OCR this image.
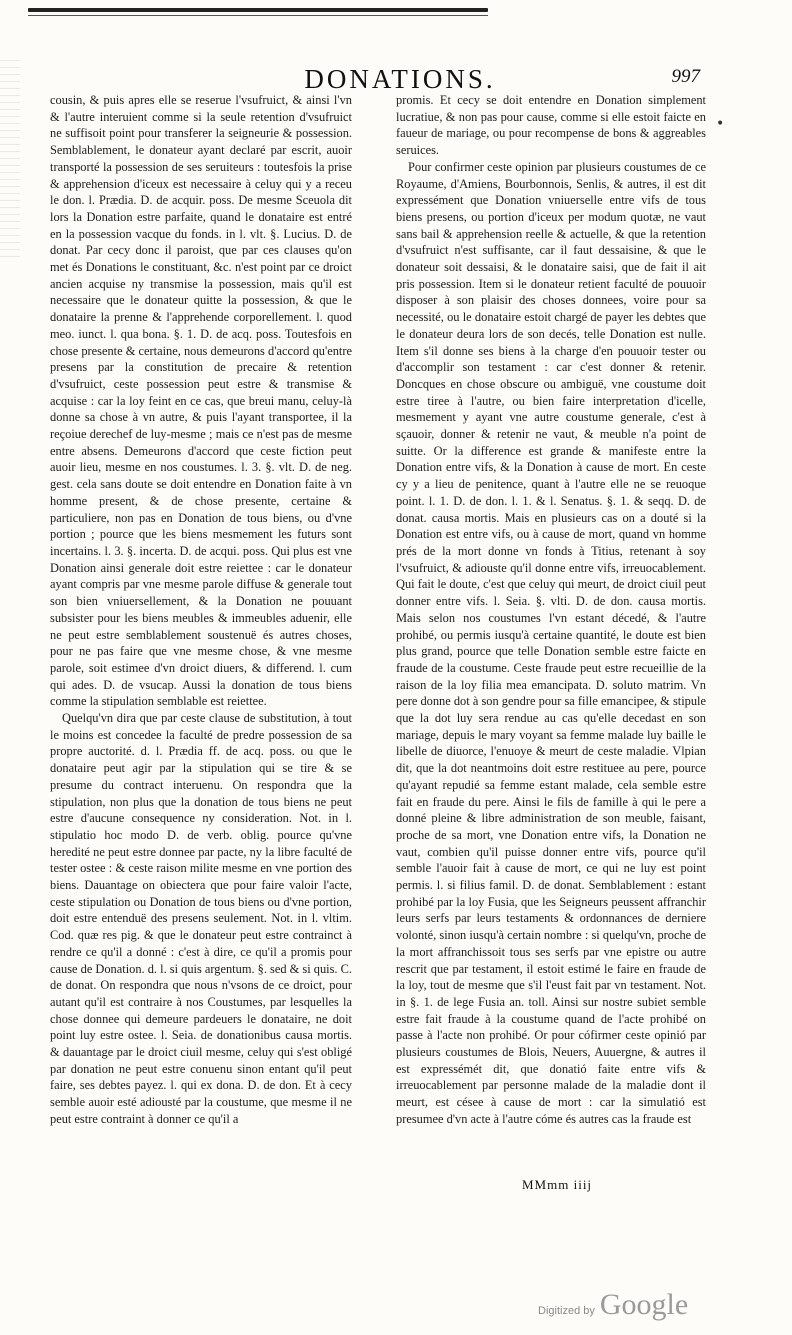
DONATIONS.	997

cousin, & puis apres elle se reserue l'vsufruict, & ainsi l'vn & l'autre interuient comme si la seule retention d'vsufruict ne suffisoit point pour transferer la seigneurie & possession. Semblablement, le donateur ayant declaré par escrit, auoir transporté la possession de ses seruiteurs : toutesfois la prise & apprehension d'iceux est necessaire à celuy qui y a receu le don. l. Prædia. D. de acquir. poss. De mesme Sceuola dit lors la Donation estre parfaite, quand le donataire est entré en la possession vacque du fonds. in l. vlt. §. Lucius. D. de donat. Par cecy donc il paroist, que par ces clauses qu'on met és Donations le constituant, &c. n'est point par ce droict ancien acquise ny transmise la possession, mais qu'il est necessaire que le donateur quitte la possession, & que le donataire la prenne & l'apprehende corporellement. l. quod meo. iunct. l. qua bona. §. 1. D. de acq. poss. Toutesfois en chose presente & certaine, nous demeurons d'accord qu'entre presens par la constitution de precaire & retention d'vsufruict, ceste possession peut estre & transmise & acquise : car la loy feint en ce cas, que breui manu, celuy-là donne sa chose à vn autre, & puis l'ayant transportee, il la reçoiue derechef de luy-mesme ; mais ce n'est pas de mesme entre absens. Demeurons d'accord que ceste fiction peut auoir lieu, mesme en nos coustumes. l. 3. §. vlt. D. de neg. gest. cela sans doute se doit entendre en Donation faite à vn homme present, & de chose presente, certaine & particuliere, non pas en Donation de tous biens, ou d'vne portion ; pource que les biens mesmement les futurs sont incertains. l. 3. §. incerta. D. de acqui. poss. Qui plus est vne Donation ainsi generale doit estre reiettee : car le donateur ayant compris par vne mesme parole diffuse & generale tout son bien vniuersellement, & la Donation ne pouuant subsister pour les biens meubles & immeubles aduenir, elle ne peut estre semblablement soustenuë és autres choses, pour ne pas faire que vne mesme chose, & vne mesme parole, soit estimee d'vn droict diuers, & differend. l. cum qui ades. D. de vsucap. Aussi la donation de tous biens comme la stipulation semblable est reiettee.

Quelqu'vn dira que par ceste clause de substitution, à tout le moins est concedee la faculté de predre possession de sa propre auctorité. d. l. Prædia ff. de acq. poss. ou que le donataire peut agir par la stipulation qui se tire & se presume du contract interuenu. On respondra que la stipulation, non plus que la donation de tous biens ne peut estre d'aucune consequence ny consideration. Not. in l. stipulatio hoc modo D. de verb. oblig. pource qu'vne heredité ne peut estre donnee par pacte, ny la libre faculté de tester ostee : & ceste raison milite mesme en vne portion des biens. Dauantage on obiectera que pour faire valoir l'acte, ceste stipulation ou Donation de tous biens ou d'vne portion, doit estre entenduë des presens seulement. Not. in l. vltim. Cod. quæ res pig. & que le donateur peut estre contrainct à rendre ce qu'il a donné : c'est à dire, ce qu'il a promis pour cause de Donation. d. l. si quis argentum. §. sed & si quis. C. de donat. On respondra que nous n'vsons de ce droict, pour autant qu'il est contraire à nos Coustumes, par lesquelles la chose donnee qui demeure pardeuers le donataire, ne doit point luy estre ostee. l. Seia. de donationibus causa mortis. & dauantage par le droict ciuil mesme, celuy qui s'est obligé par donation ne peut estre conuenu sinon entant qu'il peut faire, ses debtes payez. l. qui ex dona. D. de don. Et à cecy semble auoir esté adiousté par la coustume, que mesme il ne peut estre contraint à donner ce qu'il a

promis. Et cecy se doit entendre en Donation simplement lucratiue, & non pas pour cause, comme si elle estoit faicte en faueur de mariage, ou pour recompense de bons & aggreables seruices.

Pour confirmer ceste opinion par plusieurs coustumes de ce Royaume, d'Amiens, Bourbonnois, Senlis, & autres, il est dit expressément que Donation vniuerselle entre vifs de tous biens presens, ou portion d'iceux per modum quotæ, ne vaut sans bail & apprehension reelle & actuelle, & que la retention d'vsufruict n'est suffisante, car il faut dessaisine, & que le donateur soit dessaisi, & le donataire saisi, que de fait il ait pris possession. Item si le donateur retient faculté de pouuoir disposer à son plaisir des choses donnees, voire pour sa necessité, ou le donataire estoit chargé de payer les debtes que le donateur deura lors de son decés, telle Donation est nulle. Item s'il donne ses biens à la charge d'en pouuoir tester ou d'accomplir son testament : car c'est donner & retenir. Doncques en chose obscure ou ambiguë, vne coustume doit estre tiree à l'autre, ou bien faire interpretation d'icelle, mesmement y ayant vne autre coustume generale, c'est à sçauoir, donner & retenir ne vaut, & meuble n'a point de suitte. Or la difference est grande & manifeste entre la Donation entre vifs, & la Donation à cause de mort. En ceste cy y a lieu de penitence, quant à l'autre elle ne se reuoque point. l. 1. D. de don. l. 1. & l. Senatus. §. 1. & seqq. D. de donat. causa mortis. Mais en plusieurs cas on a douté si la Donation est entre vifs, ou à cause de mort, quand vn homme prés de la mort donne vn fonds à Titius, retenant à soy l'vsufruict, & adiouste qu'il donne entre vifs, irreuocablement. Qui fait le doute, c'est que celuy qui meurt, de droict ciuil peut donner entre vifs. l. Seia. §. vlti. D. de don. causa mortis. Mais selon nos coustumes l'vn estant décedé, & l'autre prohibé, ou permis iusqu'à certaine quantité, le doute est bien plus grand, pource que telle Donation semble estre faicte en fraude de la coustume. Ceste fraude peut estre recueillie de la raison de la loy filia mea emancipata. D. soluto matrim. Vn pere donne dot à son gendre pour sa fille emancipee, & stipule que la dot luy sera rendue au cas qu'elle decedast en son mariage, depuis le mary voyant sa femme malade luy baille le libelle de diuorce, l'enuoye & meurt de ceste maladie. Vlpian dit, que la dot neantmoins doit estre restituee au pere, pource qu'ayant repudié sa femme estant malade, cela semble estre fait en fraude du pere. Ainsi le fils de famille à qui le pere a donné pleine & libre administration de son meuble, faisant, proche de sa mort, vne Donation entre vifs, la Donation ne vaut, combien qu'il puisse donner entre vifs, pource qu'il semble l'auoir fait à cause de mort, ce qui ne luy est point permis. l. si filius famil. D. de donat. Semblablement : estant prohibé par la loy Fusia, que les Seigneurs peussent affranchir leurs serfs par leurs testaments & ordonnances de derniere volonté, sinon iusqu'à certain nombre : si quelqu'vn, proche de la mort affranchissoit tous ses serfs par vne epistre ou autre rescrit que par testament, il estoit estimé le faire en fraude de la loy, tout de mesme que s'il l'eust fait par vn testament. Not. in §. 1. de lege Fusia an. toll. Ainsi sur nostre subiet semble estre fait fraude à la coustume quand de l'acte prohibé on passe à l'acte non prohibé. Or pour cófirmer ceste opinió par plusieurs coustumes de Blois, Neuers, Auuergne, & autres il est expressémét dit, que donatió faite entre vifs & irreuocablement par personne malade de la maladie dont il meurt, est césee à cause de mort : car la simulatió est presumee d'vn acte à l'autre cóme és autres cas la fraude est

•
MMmm iiij
Digitized by Google
